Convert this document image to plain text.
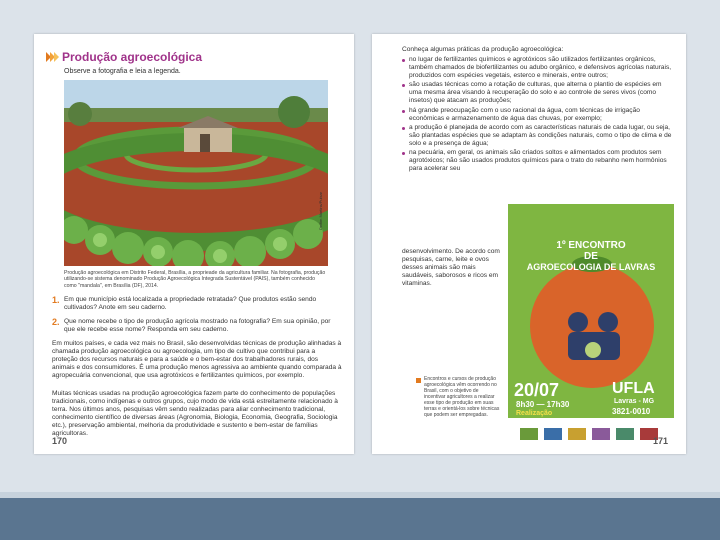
Produção agroecológica
Observe a fotografia e leia a legenda.
Delfim Martins/Pulsar
Produção agroecológica em Distrito Federal, Brasília, a proprieade da agricultura familiar. Na fotografia, produção utilizando-se sistema denominado Produção Agroecológica Integrada Sustentável (PAIS), também conhecido como "mandala", em Brasília (DF), 2014.
1. Em que município está localizada a propriedade retratada? Que produtos estão sendo cultivados? Anote em seu caderno.
2. Que nome recebe o tipo de produção agrícola mostrado na fotografia? Em sua opinião, por que ele recebe esse nome? Responda em seu caderno.
Em muitos países, e cada vez mais no Brasil, são desenvolvidas técnicas de produção alinhadas à chamada produção agroecológica ou agroecologia, um tipo de cultivo que contribui para a proteção dos recursos naturais e para a saúde e o bem-estar dos trabalhadores rurais, dos animais e dos consumidores. É uma produção menos agressiva ao ambiente quando comparada à agropecuária convencional, que usa agrotóxicos e fertilizantes químicos, por exemplo.
Muitas técnicas usadas na produção agroecológica fazem parte do conhecimento de populações tradicionais, como indígenas e outros grupos, cujo modo de vida está estreitamente relacionado à terra. Nos últimos anos, pesquisas vêm sendo realizadas para aliar conhecimento tradicional, conhecimento científico de diversas áreas (Agronomia, Biologia, Economia, Geografia, Sociologia etc.), preservação ambiental, melhoria da produtividade e sustento e bem-estar de famílias agricultoras.
170
Conheça algumas práticas da produção agroecológica:
no lugar de fertilizantes químicos e agrotóxicos são utilizados fertilizantes orgânicos, também chamados de biofertilizantes ou adubo orgânico, e defensivos agrícolas naturais, produzidos com espécies vegetais, esterco e minerais, entre outros;
são usadas técnicas como a rotação de culturas, que alterna o plantio de espécies em uma mesma área visando à recuperação do solo e ao controle de seres vivos (como insetos) que atacam as produções;
há grande preocupação com o uso racional da água, com técnicas de irrigação econômicas e armazenamento de água das chuvas, por exemplo;
a produção é planejada de acordo com as características naturais de cada lugar, ou seja, são plantadas espécies que se adaptam às condições naturais, como o tipo de clima e de solo e a presença de água;
na pecuária, em geral, os animais são criados soltos e alimentados com produtos sem agrotóxicos; não são usados produtos químicos para o trato do rebanho nem hormônios para acelerar seu
desenvolvimento. De acordo com pesquisas, carne, leite e ovos desses animais são mais saudáveis, saborosos e ricos em vitaminas.
1º ENCONTRO
DE
AGROECOLOGIA DE LAVRAS
20/07
8h30 — 17h30
UFLA
Lavras - MG
3821-0010
Realização
Encontros e cursos de produção agroecológica vêm ocorrendo no Brasil, com o objetivo de incentivar agricultores a realizar esse tipo de produção em suas terras e orientá-los sobre técnicas que podem ser empregadas.
171
